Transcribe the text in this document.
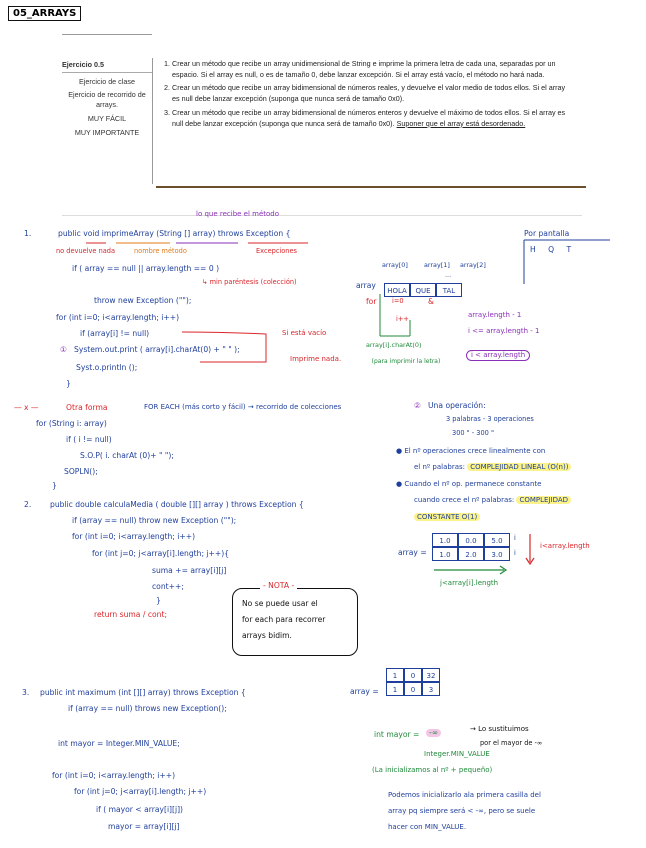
05_ARRAYS
Ejercicio 0.5
Ejercicio de clase
Ejercicio de recorrido de arrays.
MUY FÁCIL
MUY IMPORTANTE
1. Crear un método que recibe un array unidimensional de String e imprime la primera letra de cada una, separadas por un espacio. Si el array es null, o es de tamaño 0, debe lanzar excepción. Si el array está vacío, el método no hará nada.
2. Crear un método que recibe un array bidimensional de números reales, y devuelve el valor medio de todos ellos. Si el array es null debe lanzar excepción (suponga que nunca será de tamaño 0x0).
3. Crear un método que recibe un array bidimensional de números enteros y devuelve el máximo de todos ellos. Si el array es null debe lanzar excepción (suponga que nunca será de tamaño 0x0). Suponer que el array está desordenado.
lo que recibe el método
1.	public void imprimeArray (String [] array) throws Exception {
no devuelve nada	nombre método	Excepciones
if ( array == null || array.length == 0 )
↳ min paréntesis (colección)
throw new Exception ("");
for (int i=0; i<array.length; i++)
if (array[i] != null)	Si está vacío
Imprime nada.
① System.out.print ( array[i].charAt(0) + " " );
Syst.o.println ();
}
Por pantalla
H Q T
array[0]	array[1] array[2]
...
array
HOLA QUE TAL
for i=0	&
i++	array.length - 1
i <= array.length - 1
i < array.length
array[i].charAt(0)
(para imprimir la letra)
— x —	Otra forma	FOR EACH (más corto y fácil) → recorrido de colecciones
for (String i: array)
if ( i != null)
S.O.P( i. charAt (0)+ " ");
SOPLN();
}
② Una operación:
3 palabras - 3 operaciones
300 " - 300 "
● El nº operaciones crece linealmente con
el nº palabras: COMPLEJIDAD LINEAL (O(n))
● Cuando el nº op. permanece constante
cuando crece el nº palabras: COMPLEJIDAD
CONSTANTE O(1)
2. public double calculaMedia ( double [][] array ) throws Exception {
if (array == null) throw new Exception ("");
for (int i=0; i<array.length; i++)
for (int j=0; j<array[i].length; j++){
suma += array[i][j]
cont++;
}
return suma / cont;
array =
1.0	0.0	5.0
1.0	2.0	3.0
i
i
i<array.length
j<array[i].length
- NOTA -
No se puede usar el
for each para recorrer
arrays bidim.
3. public int maximum (int [][] array) throws Exception {
if (array == null) throws new Exception();
int mayor = Integer.MIN_VALUE;
for (int i=0; i<array.length; i++)
for (int j=0; j<array[i].length; j++)
if ( mayor < array[i][j])
mayor = array[i][j]
array =
1	0	32
1	0	3
int mayor =	-∞	→ Lo sustituimos
por el mayor de -∞
Integer.MIN_VALUE
(La inicializamos al nº + pequeño)
Podemos inicializarlo ala primera casilla del
array pq siempre será < -∞, pero se suele
hacer con MIN_VALUE.
